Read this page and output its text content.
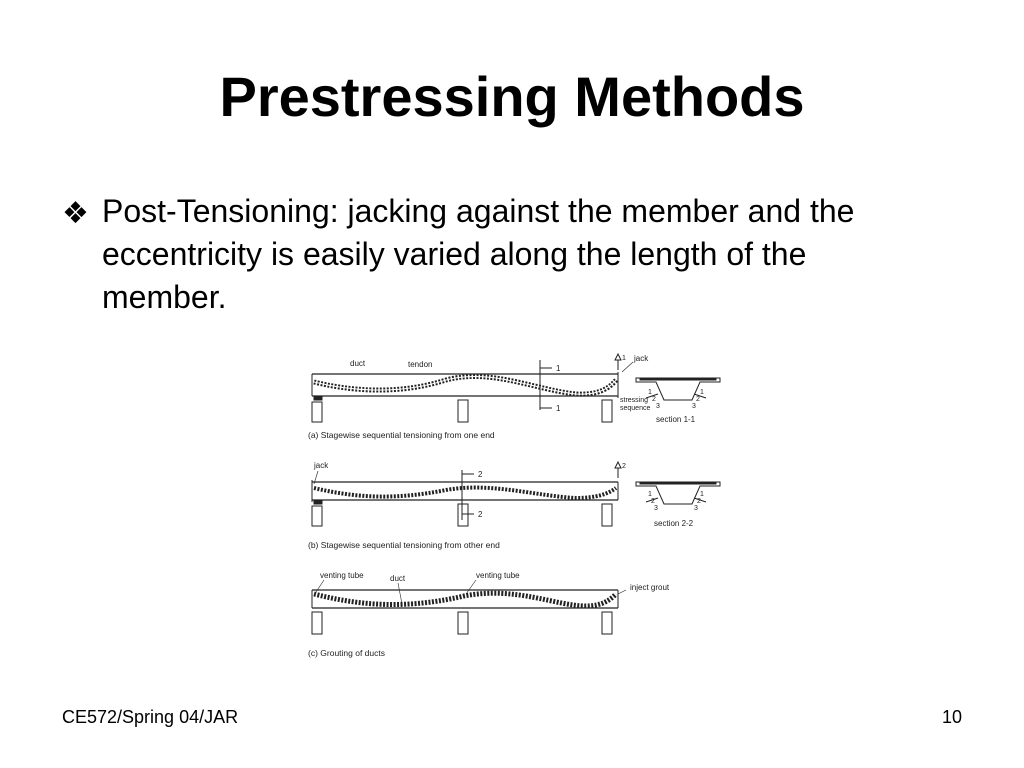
Prestressing Methods
❖ Post-Tensioning: jacking against the member and the eccentricity is easily varied along the length of the member.
1
1
1
duct	tendon
jack
stressing
sequence
1
2
3
1
2
3
section 1-1
(a) Stagewise sequential tensioning from one end
2
2
2
jack
1
2
3
1
2
3
section 2-2
(b) Stagewise sequential tensioning from other end
venting tube	duct	venting tube
inject grout
(c) Grouting of ducts
CE572/Spring 04/JAR	10
